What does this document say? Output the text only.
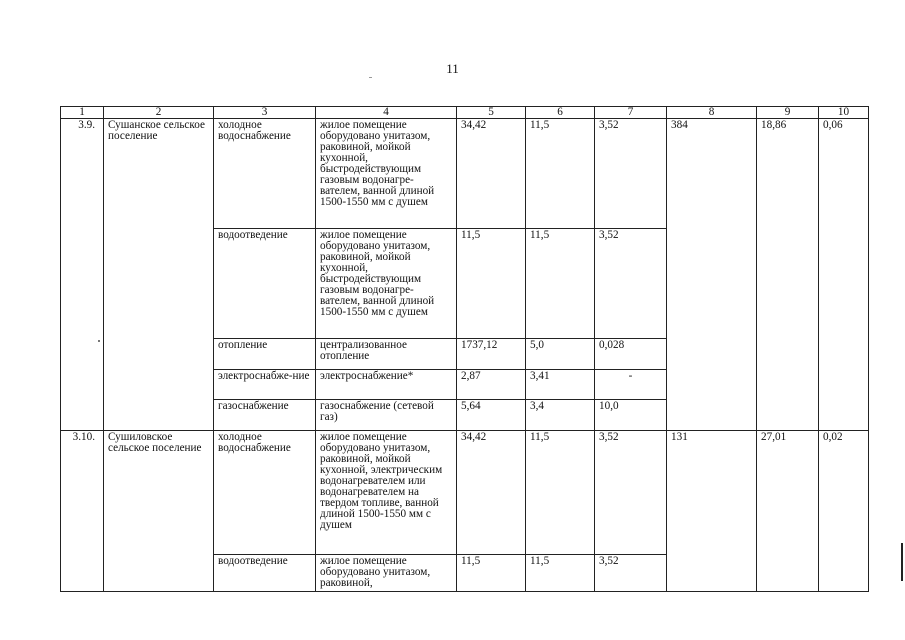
11
1	2	3	4	5	6	7	8	9	10
3.9.	Сушанское сельское поселение	холодное водоснабжение	жилое помещение оборудовано унитазом, раковиной, мойкой кухонной, быстродействующим газовым водонагре-вателем, ванной длиной 1500-1550 мм с душем	34,42	11,5	3,52	384	18,86	0,06
		водоотведение	жилое помещение оборудовано унитазом, раковиной, мойкой кухонной, быстродействующим газовым водонагре-вателем, ванной длиной 1500-1550 мм с душем	11,5	11,5	3,52			
		отопление	централизованное отопление	1737,12	5,0	0,028			
		электроснабже-ние	электроснабжение*	2,87	3,41	-			
		газоснабжение	газоснабжение (сетевой газ)	5,64	3,4	10,0			
3.10.	Сушиловское сельское поселение	холодное водоснабжение	жилое помещение оборудовано унитазом, раковиной, мойкой кухонной, электрическим водонагревателем или водонагревателем на твердом топливе, ванной длиной 1500-1550 мм с душем	34,42	11,5	3,52	131	27,01	0,02
		водоотведение	жилое помещение оборудовано унитазом, раковиной,	11,5	11,5	3,52			
